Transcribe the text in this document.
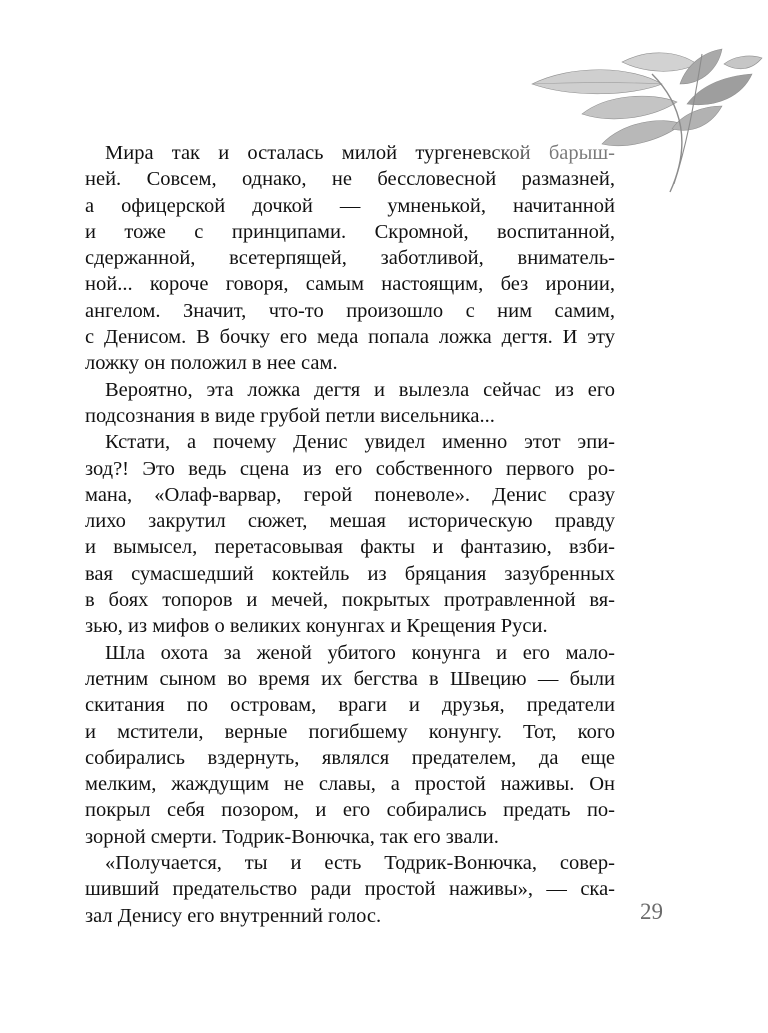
Мира так и осталась милой тургеневской барыш-
ней. Совсем, однако, не бессловесной размазней,
а офицерской дочкой — умненькой, начитанной
и тоже с принципами. Скромной, воспитанной,
сдержанной, всетерпящей, заботливой, вниматель-
ной... короче говоря, самым настоящим, без иронии,
ангелом. Значит, что-то произошло с ним самим,
с Денисом. В бочку его меда попала ложка дегтя. И эту
ложку он положил в нее сам.
Вероятно, эта ложка дегтя и вылезла сейчас из его
подсознания в виде грубой петли висельника...
Кстати, а почему Денис увидел именно этот эпи-
зод?! Это ведь сцена из его собственного первого ро-
мана, «Олаф-варвар, герой поневоле». Денис сразу
лихо закрутил сюжет, мешая историческую правду
и вымысел, перетасовывая факты и фантазию, взби-
вая сумасшедший коктейль из бряцания зазубренных
в боях топоров и мечей, покрытых протравленной вя-
зью, из мифов о великих конунгах и Крещения Руси.
Шла охота за женой убитого конунга и его мало-
летним сыном во время их бегства в Швецию — были
скитания по островам, враги и друзья, предатели
и мстители, верные погибшему конунгу. Тот, кого
собирались вздернуть, являлся предателем, да еще
мелким, жаждущим не славы, а простой наживы. Он
покрыл себя позором, и его собирались предать по-
зорной смерти. Тодрик-Вонючка, так его звали.
«Получается, ты и есть Тодрик-Вонючка, совер-
шивший предательство ради простой наживы», — ска-
зал Денису его внутренний голос.	29
